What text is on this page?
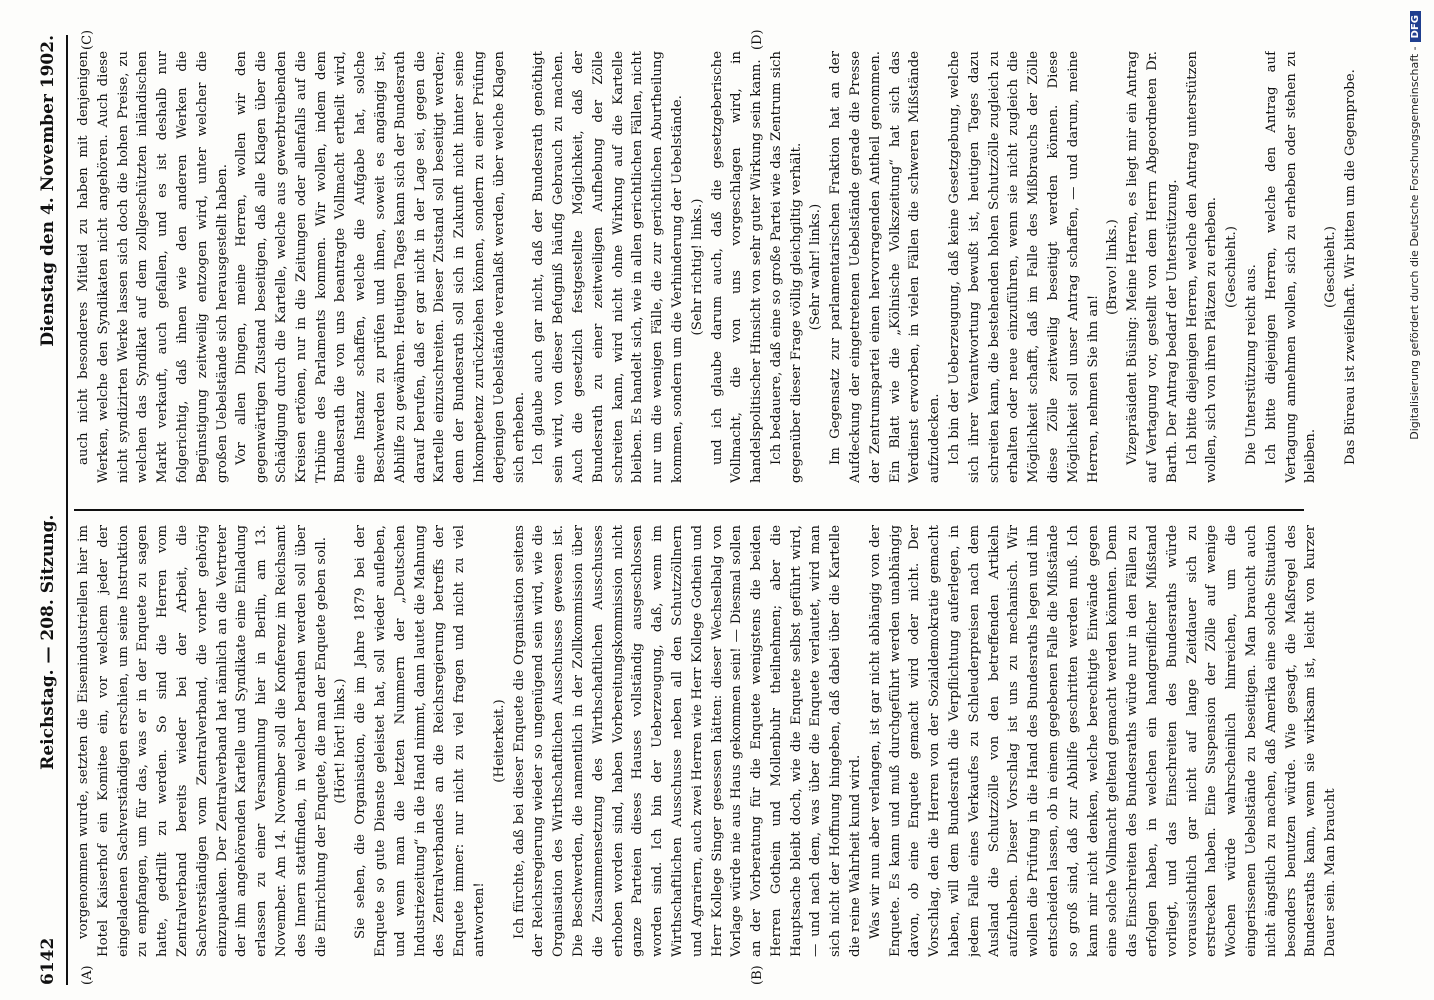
6142
Reichstag. — 208. Sitzung.
Dienstag den 4. November 1902.
(A)	(B)
(C)	(D)

vorgenommen wurde, setzten die Eisenindustriellen hier im Hotel Kaiserhof ein Komitee ein, vor welchem jeder der eingeladenen Sachverständigen erschien, um seine Instruktion zu empfangen, um für das, was er in der Enquete zu sagen hatte, gedrillt zu werden. So sind die Herren vom Zentralverband bereits wieder bei der Arbeit, die Sachverständigen vom Zentralverband, die vorher gehörig einzupauken. Der Zentralverband hat nämlich an die Vertreter der ihm angehörenden Kartelle und Syndikate eine Einladung erlassen zu einer Versammlung hier in Berlin, am 13. November. Am 14. November soll die Konferenz im Reichsamt des Innern stattfinden, in welcher berathen werden soll über die Einrichtung der Enquete, die man der Enquete geben soll. (Hört! hört! links.) Sie sehen, die Organisation, die im Jahre 1879 bei der Enquete so gute Dienste geleistet hat, soll wieder aufleben, und wenn man die letzten Nummern der „Deutschen Industriezeitung“ in die Hand nimmt, dann lautet die Mahnung des Zentralverbandes an die Reichsregierung betreffs der Enquete immer: nur nicht zu viel fragen und nicht zu viel antworten!

(Heiterkeit.) Ich fürchte, daß bei dieser Enquete die Organisation seitens der Reichsregierung wieder so ungenügend sein wird, wie die Organisation des Wirthschaftlichen Ausschusses gewesen ist. Die Beschwerden, die namentlich in der Zollkommission über die Zusammensetzung des Wirthschaftlichen Ausschusses erhoben worden sind, haben Vorbereitungskommission nicht ganze Parteien dieses Hauses vollständig ausgeschlossen worden sind. Ich bin der Ueberzeugung, daß, wenn im Wirthschaftlichen Ausschusse neben all den Schutzzöllnern und Agrariern, auch zwei Herren wie Herr Kollege Gothein und Herr Kollege Singer gesessen hätten: dieser Wechselbalg von Vorlage würde nie aus Haus gekommen sein! — Diesmal sollen an der Vorberatung für die Enquete wenigstens die beiden Herren Gothein und Mollenbuhr theilnehmen; aber die Hauptsache bleibt doch, wie die Enquete selbst geführt wird, — und nach dem, was über die Enquete verlautet, wird man sich nicht der Hoffnung hingeben, daß dabei über die Kartelle die reine Wahrheit kund wird. Was wir nun aber verlangen, ist gar nicht abhängig von der Enquete. Es kann und muß durchgeführt werden unabhängig davon, ob eine Enquete gemacht wird oder nicht. Der Vorschlag, den die Herren von der Sozialdemokratie gemacht haben, will dem Bundesrath die Verpflichtung auferlegen, in jedem Falle eines Verkaufes zu Schleuderpreisen nach dem Ausland die Schutzzölle von den betreffenden Artikeln aufzuheben. Dieser Vorschlag ist uns zu mechanisch. Wir wollen die Prüfung in die Hand des Bundesraths legen und ihn entscheiden lassen, ob in einem gegebenen Falle die Mißstände so groß sind, daß zur Abhilfe geschritten werden muß. Ich kann mir nicht denken, welche berechtigte Einwände gegen eine solche Vollmacht geltend gemacht werden könnten. Denn das Einschreiten des Bundesraths würde nur in den Fällen zu erfolgen haben, in welchen ein handgreiflicher Mißstand vorliegt, und das Einschreiten des Bundesraths würde voraussichtlich gar nicht auf lange Zeitdauer sich zu erstrecken haben. Eine Suspension der Zölle auf wenige Wochen würde wahrscheinlich hinreichen, um die eingerissenen Uebelstände zu beseitigen. Man braucht auch nicht ängstlich zu machen, daß Amerika eine solche Situation besonders benutzen würde. Wie gesagt, die Maßregel des Bundesraths kann, wenn sie wirksam ist, leicht von kurzer Dauer sein. Man braucht

auch nicht besonderes Mitleid zu haben mit denjenigen Werken, welche den Syndikaten nicht angehören. Auch diese nicht syndizirten Werke lassen sich doch die hohen Preise, zu welchen das Syndikat auf dem zollgeschützten inländischen Markt verkauft, auch gefallen, und es ist deshalb nur folgerichtig, daß ihnen wie den anderen Werken die Begünstigung zeitweilig entzogen wird, unter welcher die großen Uebelstände sich herausgestellt haben. Vor allen Dingen, meine Herren, wollen wir den gegenwärtigen Zustand beseitigen, daß alle Klagen über die Schädigung durch die Kartelle, welche aus gewerbtreibenden Kreisen ertönen, nur in die Zeitungen oder allenfalls auf die Tribüne des Parlaments kommen. Wir wollen, indem dem Bundesrath die von uns beantragte Vollmacht ertheilt wird, eine Instanz schaffen, welche die Aufgabe hat, solche Beschwerden zu prüfen und ihnen, soweit es angängig ist, Abhilfe zu gewähren. Heutigen Tages kann sich der Bundesrath darauf berufen, daß er gar nicht in der Lage sei, gegen die Kartelle einzuschreiten. Dieser Zustand soll beseitigt werden; denn der Bundesrath soll sich in Zukunft nicht hinter seine Inkompetenz zurückziehen können, sondern zu einer Prüfung derjenigen Uebelstände veranlaßt werden, über welche Klagen sich erheben. Ich glaube auch gar nicht, daß der Bundesrath genöthigt sein wird, von dieser Befugniß häufig Gebrauch zu machen. Auch die gesetzlich festgestellte Möglichkeit, daß der Bundesrath zu einer zeitweiligen Aufhebung der Zölle schreiten kann, wird nicht ohne Wirkung auf die Kartelle bleiben. Es handelt sich, wie in allen gerichtlichen Fällen, nicht nur um die wenigen Fälle, die zur gerichtlichen Aburtheilung kommen, sondern um die Verhinderung der Uebelstände. (Sehr richtig! links.) und ich glaube darum auch, daß die gesetzgeberische Vollmacht, die von uns vorgeschlagen wird, in handelspolitischer Hinsicht von sehr guter Wirkung sein kann. Ich bedauere, daß eine so große Partei wie das Zentrum sich gegenüber dieser Frage völlig gleichgiltig verhält. (Sehr wahr! links.) Im Gegensatz zur parlamentarischen Fraktion hat an der Aufdeckung der eingetretenen Uebelstände gerade die Presse der Zentrumspartei einen hervorragenden Antheil genommen. Ein Blatt wie die „Kölnische Volkszeitung“ hat sich das Verdienst erworben, in vielen Fällen die schweren Mißstände aufzudecken. Ich bin der Ueberzeugung, daß keine Gesetzgebung, welche sich ihrer Verantwortung bewußt ist, heutigen Tages dazu schreiten kann, die bestehenden hohen Schutzzölle zugleich zu erhalten oder neue einzuführen, wenn sie nicht zugleich die Möglichkeit schafft, daß im Falle des Mißbrauchs der Zölle diese Zölle zeitweilig beseitigt werden können. Diese Möglichkeit soll unser Antrag schaffen, — und darum, meine Herren, nehmen Sie ihn an!

(Bravo! links.) Vizepräsident Büsing: Meine Herren, es liegt mir ein Antrag auf Vertagung vor, gestellt von dem Herrn Abgeordneten Dr. Barth. Der Antrag bedarf der Unterstützung. Ich bitte diejenigen Herren, welche den Antrag unterstützen wollen, sich von ihren Plätzen zu erheben. (Geschieht.) Die Unterstützung reicht aus. Ich bitte diejenigen Herren, welche den Antrag auf Vertagung annehmen wollen, sich zu erheben oder stehen zu bleiben.

(Geschieht.) Das Büreau ist zweifelhaft. Wir bitten um die Gegenprobe.	Digitalisierung gefördert durch die Deutsche Forschungsgemeinschaft -DFG
